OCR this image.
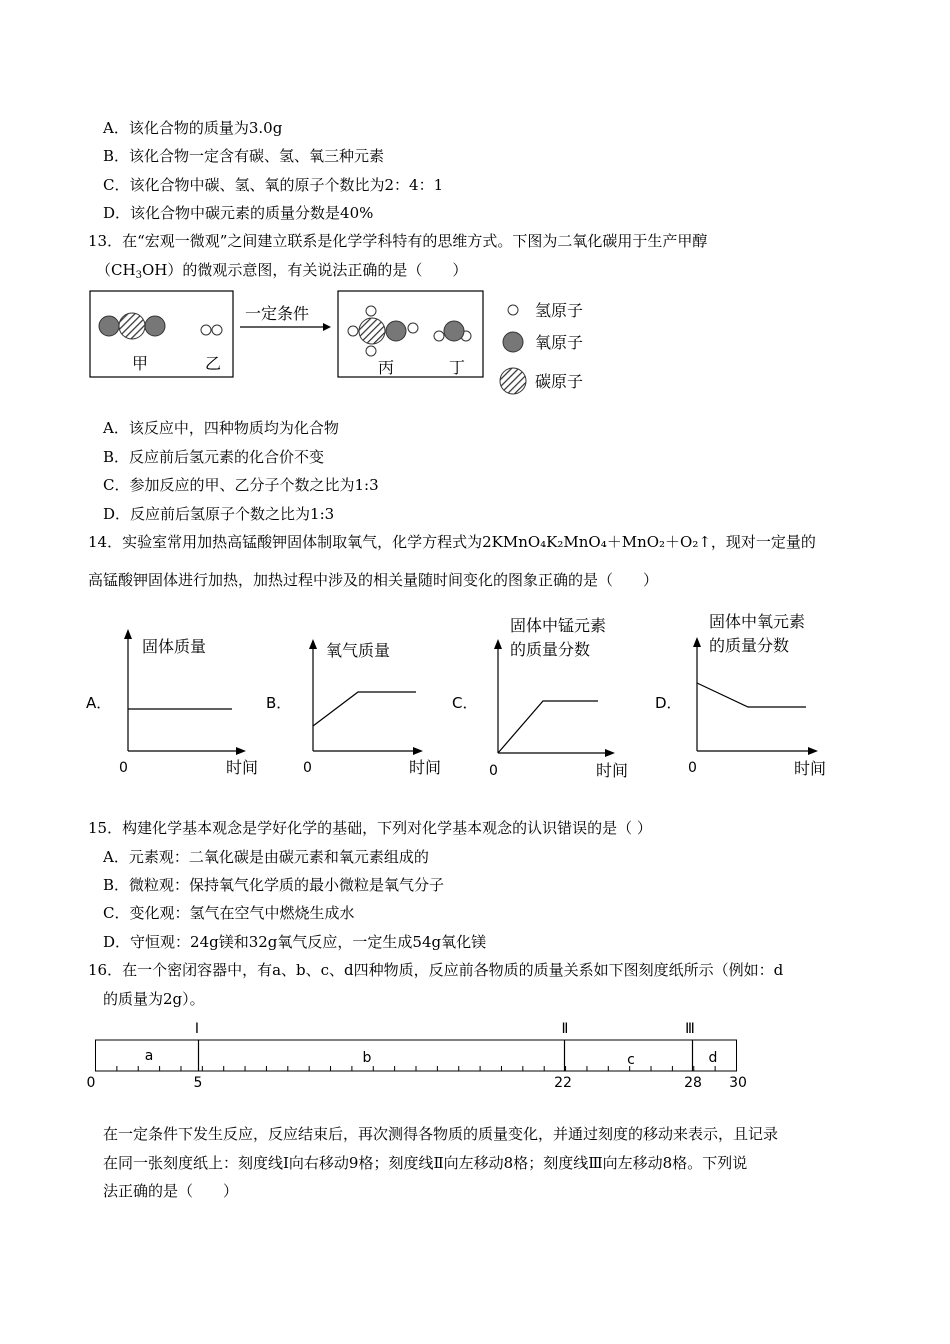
A．该化合物的质量为3.0g
B．该化合物一定含有碳、氢、氧三种元素
C．该化合物中碳、氢、氧的原子个数比为2：4：1
D．该化合物中碳元素的质量分数是40%
13．在“宏观一微观”之间建立联系是化学学科特有的思维方式。下图为二氧化碳用于生产甲醇
$(CH_3OH)$的微观示意图，有关说法正确的是（　　）
甲	乙
一定条件
丙	丁
氢原子
氧原子
碳原子
A．该反应中，四种物质均为化合物
B．反应前后氢元素的化合价不变
C．参加反应的甲、乙分子个数之比为1:3
D．反应前后氢原子个数之比为1:3
14．实验室常用加热高锰酸钾固体制取氧气，化学方程式为2KMnO₄K₂MnO₄＋MnO₂＋O₂↑，现对一定量的
高锰酸钾固体进行加热，加热过程中涉及的相关量随时间变化的图象正确的是（　　）
A．
固体质量
0	时间
B．
氧气质量
0	时间
C．
固体中锰元素
的质量分数
0	时间
D．
固体中氧元素
的质量分数
0	时间
15．构建化学基本观念是学好化学的基础，下列对化学基本观念的认识错误的是（ ）
A．元素观：二氧化碳是由碳元素和氧元素组成的
B．微粒观：保持氧气化学质的最小微粒是氧气分子
C．变化观：氢气在空气中燃烧生成水
D．守恒观：24g镁和32g氧气反应，一定生成54g氧化镁
16．在一个密闭容器中，有a、b、c、d四种物质，反应前各物质的质量关系如下图刻度纸所示（例如：d
的质量为2g）。
Ⅰ	Ⅱ	Ⅲ
a	b	c	d
0	5	22	28 30
在一定条件下发生反应，反应结束后，再次测得各物质的质量变化，并通过刻度的移动来表示，且记录
在同一张刻度纸上：刻度线Ⅰ向右移动9格；刻度线Ⅱ向左移动8格；刻度线Ⅲ向左移动8格。下列说
法正确的是（　　）
